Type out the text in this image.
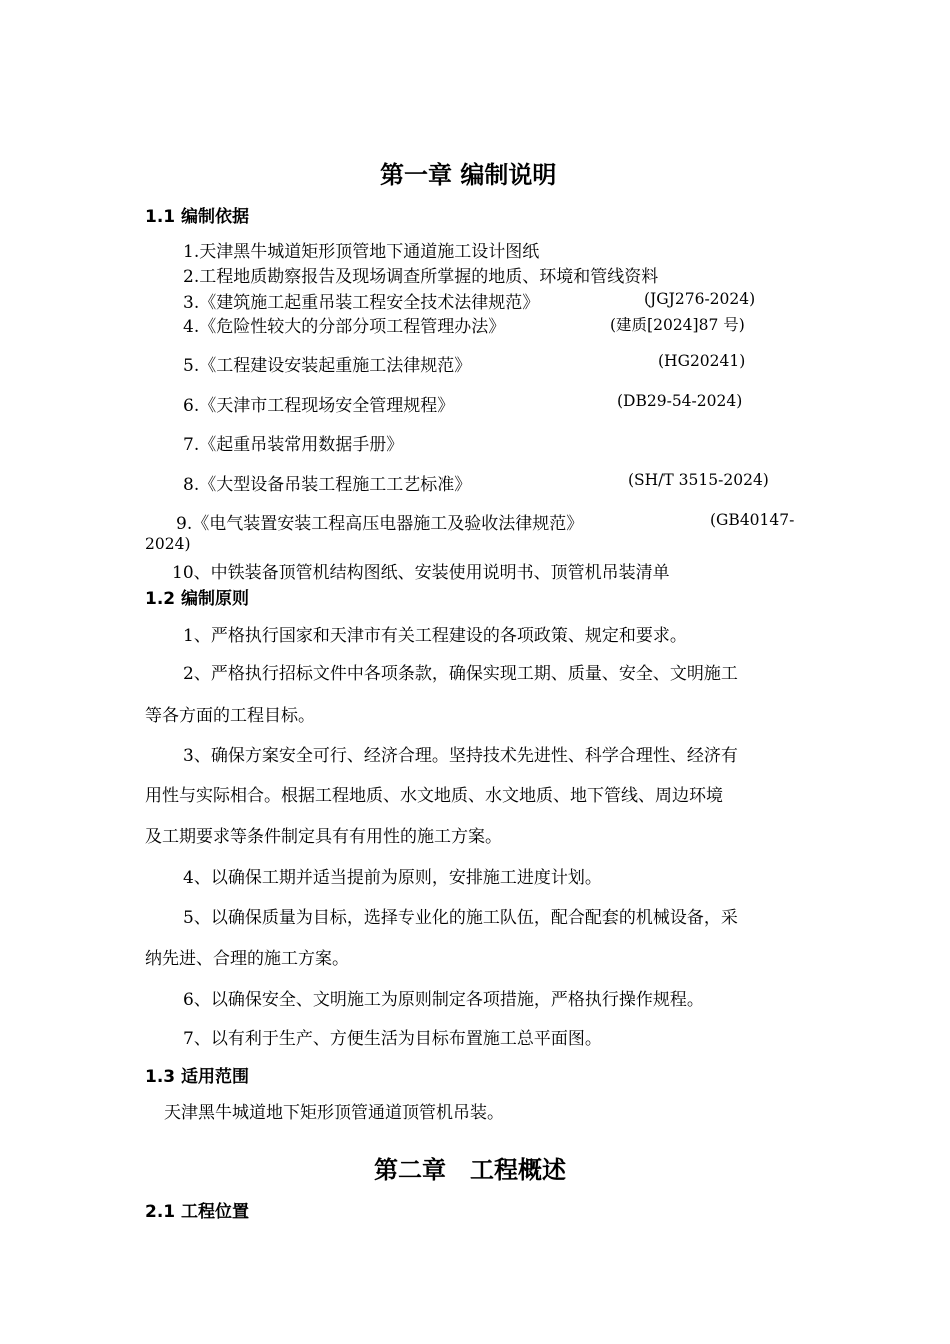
第一章 编制说明
1.1 编制依据
1.天津黑牛城道矩形顶管地下通道施工设计图纸
2.工程地质勘察报告及现场调查所掌握的地质、环境和管线资料
3.《建筑施工起重吊装工程安全技术法律规范》	(JGJ276-2024)
4.《危险性较大的分部分项工程管理办法》	(建质[2024]87 号)
5.《工程建设安装起重施工法律规范》	(HG20241)
6.《天津市工程现场安全管理规程》	(DB29-54-2024)
7.《起重吊装常用数据手册》
8.《大型设备吊装工程施工工艺标准》	(SH/T 3515-2024)
9.《电气装置安装工程高压电器施工及验收法律规范》	(GB40147-
2024)
10、中铁装备顶管机结构图纸、安装使用说明书、顶管机吊装清单
1.2 编制原则
1、严格执行国家和天津市有关工程建设的各项政策、规定和要求。
2、严格执行招标文件中各项条款，确保实现工期、质量、安全、文明施工
等各方面的工程目标。
3、确保方案安全可行、经济合理。坚持技术先进性、科学合理性、经济有
用性与实际相合。根据工程地质、水文地质、水文地质、地下管线、周边环境
及工期要求等条件制定具有有用性的施工方案。
4、以确保工期并适当提前为原则，安排施工进度计划。
5、以确保质量为目标，选择专业化的施工队伍，配合配套的机械设备，采
纳先进、合理的施工方案。
6、以确保安全、文明施工为原则制定各项措施，严格执行操作规程。
7、以有利于生产、方便生活为目标布置施工总平面图。
1.3 适用范围
天津黑牛城道地下矩形顶管通道顶管机吊装。
第二章　工程概述
2.1 工程位置
